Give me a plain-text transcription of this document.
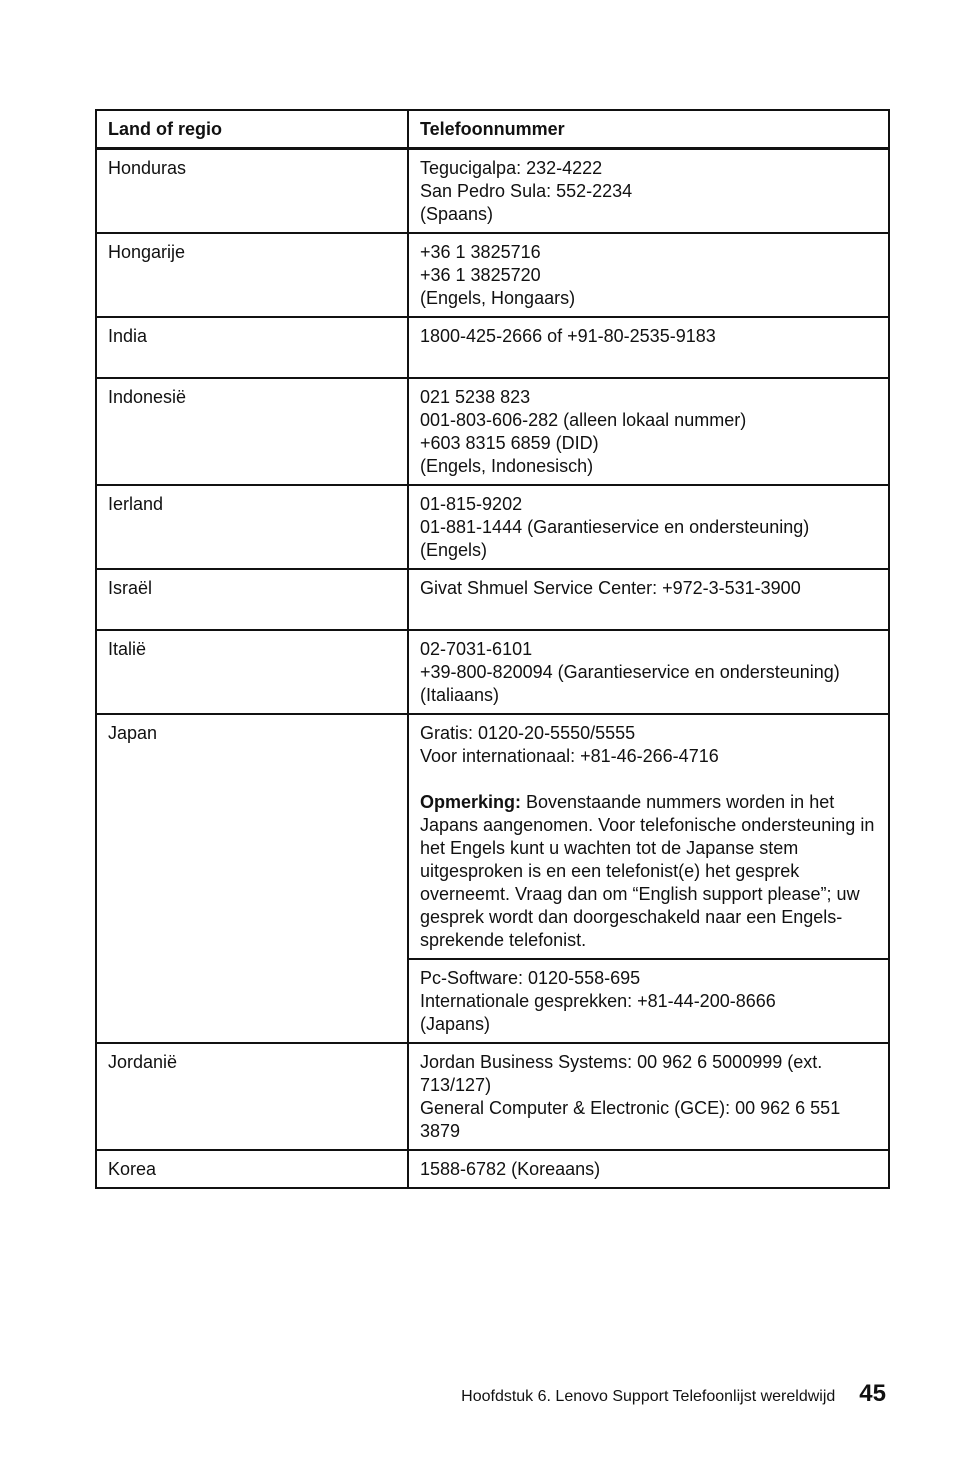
Land of regio	Telefoonnummer
Honduras	Tegucigalpa: 232-4222
San Pedro Sula: 552-2234
(Spaans)

Hongarije	+36 1 3825716
+36 1 3825720
(Engels, Hongaars)

India	1800-425-2666 of +91-80-2535-9183

Indonesië	021 5238 823
001-803-606-282 (alleen lokaal nummer)
+603 8315 6859 (DID)
(Engels, Indonesisch)

Ierland	01-815-9202
01-881-1444 (Garantieservice en ondersteuning)
(Engels)

Israël	Givat Shmuel Service Center: +972-3-531-3900

Italië	02-7031-6101
+39-800-820094 (Garantieservice en ondersteuning)
(Italiaans)

Japan	Gratis: 0120-20-5550/5555
Voor internationaal: +81-46-266-4716
Opmerking: Bovenstaande nummers worden in het Japans aangenomen. Voor telefonische ondersteuning in het Engels kunt u wachten tot de Japanse stem uitgesproken is en een telefonist(e) het gesprek overneemt. Vraag dan om “English support please”; uw gesprek wordt dan doorgeschakeld naar een Engels-sprekende telefonist.

	Pc-Software: 0120-558-695
Internationale gesprekken: +81-44-200-8666
(Japans)

Jordanië	Jordan Business Systems: 00 962 6 5000999 (ext. 713/127)
General Computer & Electronic (GCE): 00 962 6 551 3879

Korea	1588-6782 (Koreaans)
Hoofdstuk 6. Lenovo Support Telefoonlijst wereldwijd 45
